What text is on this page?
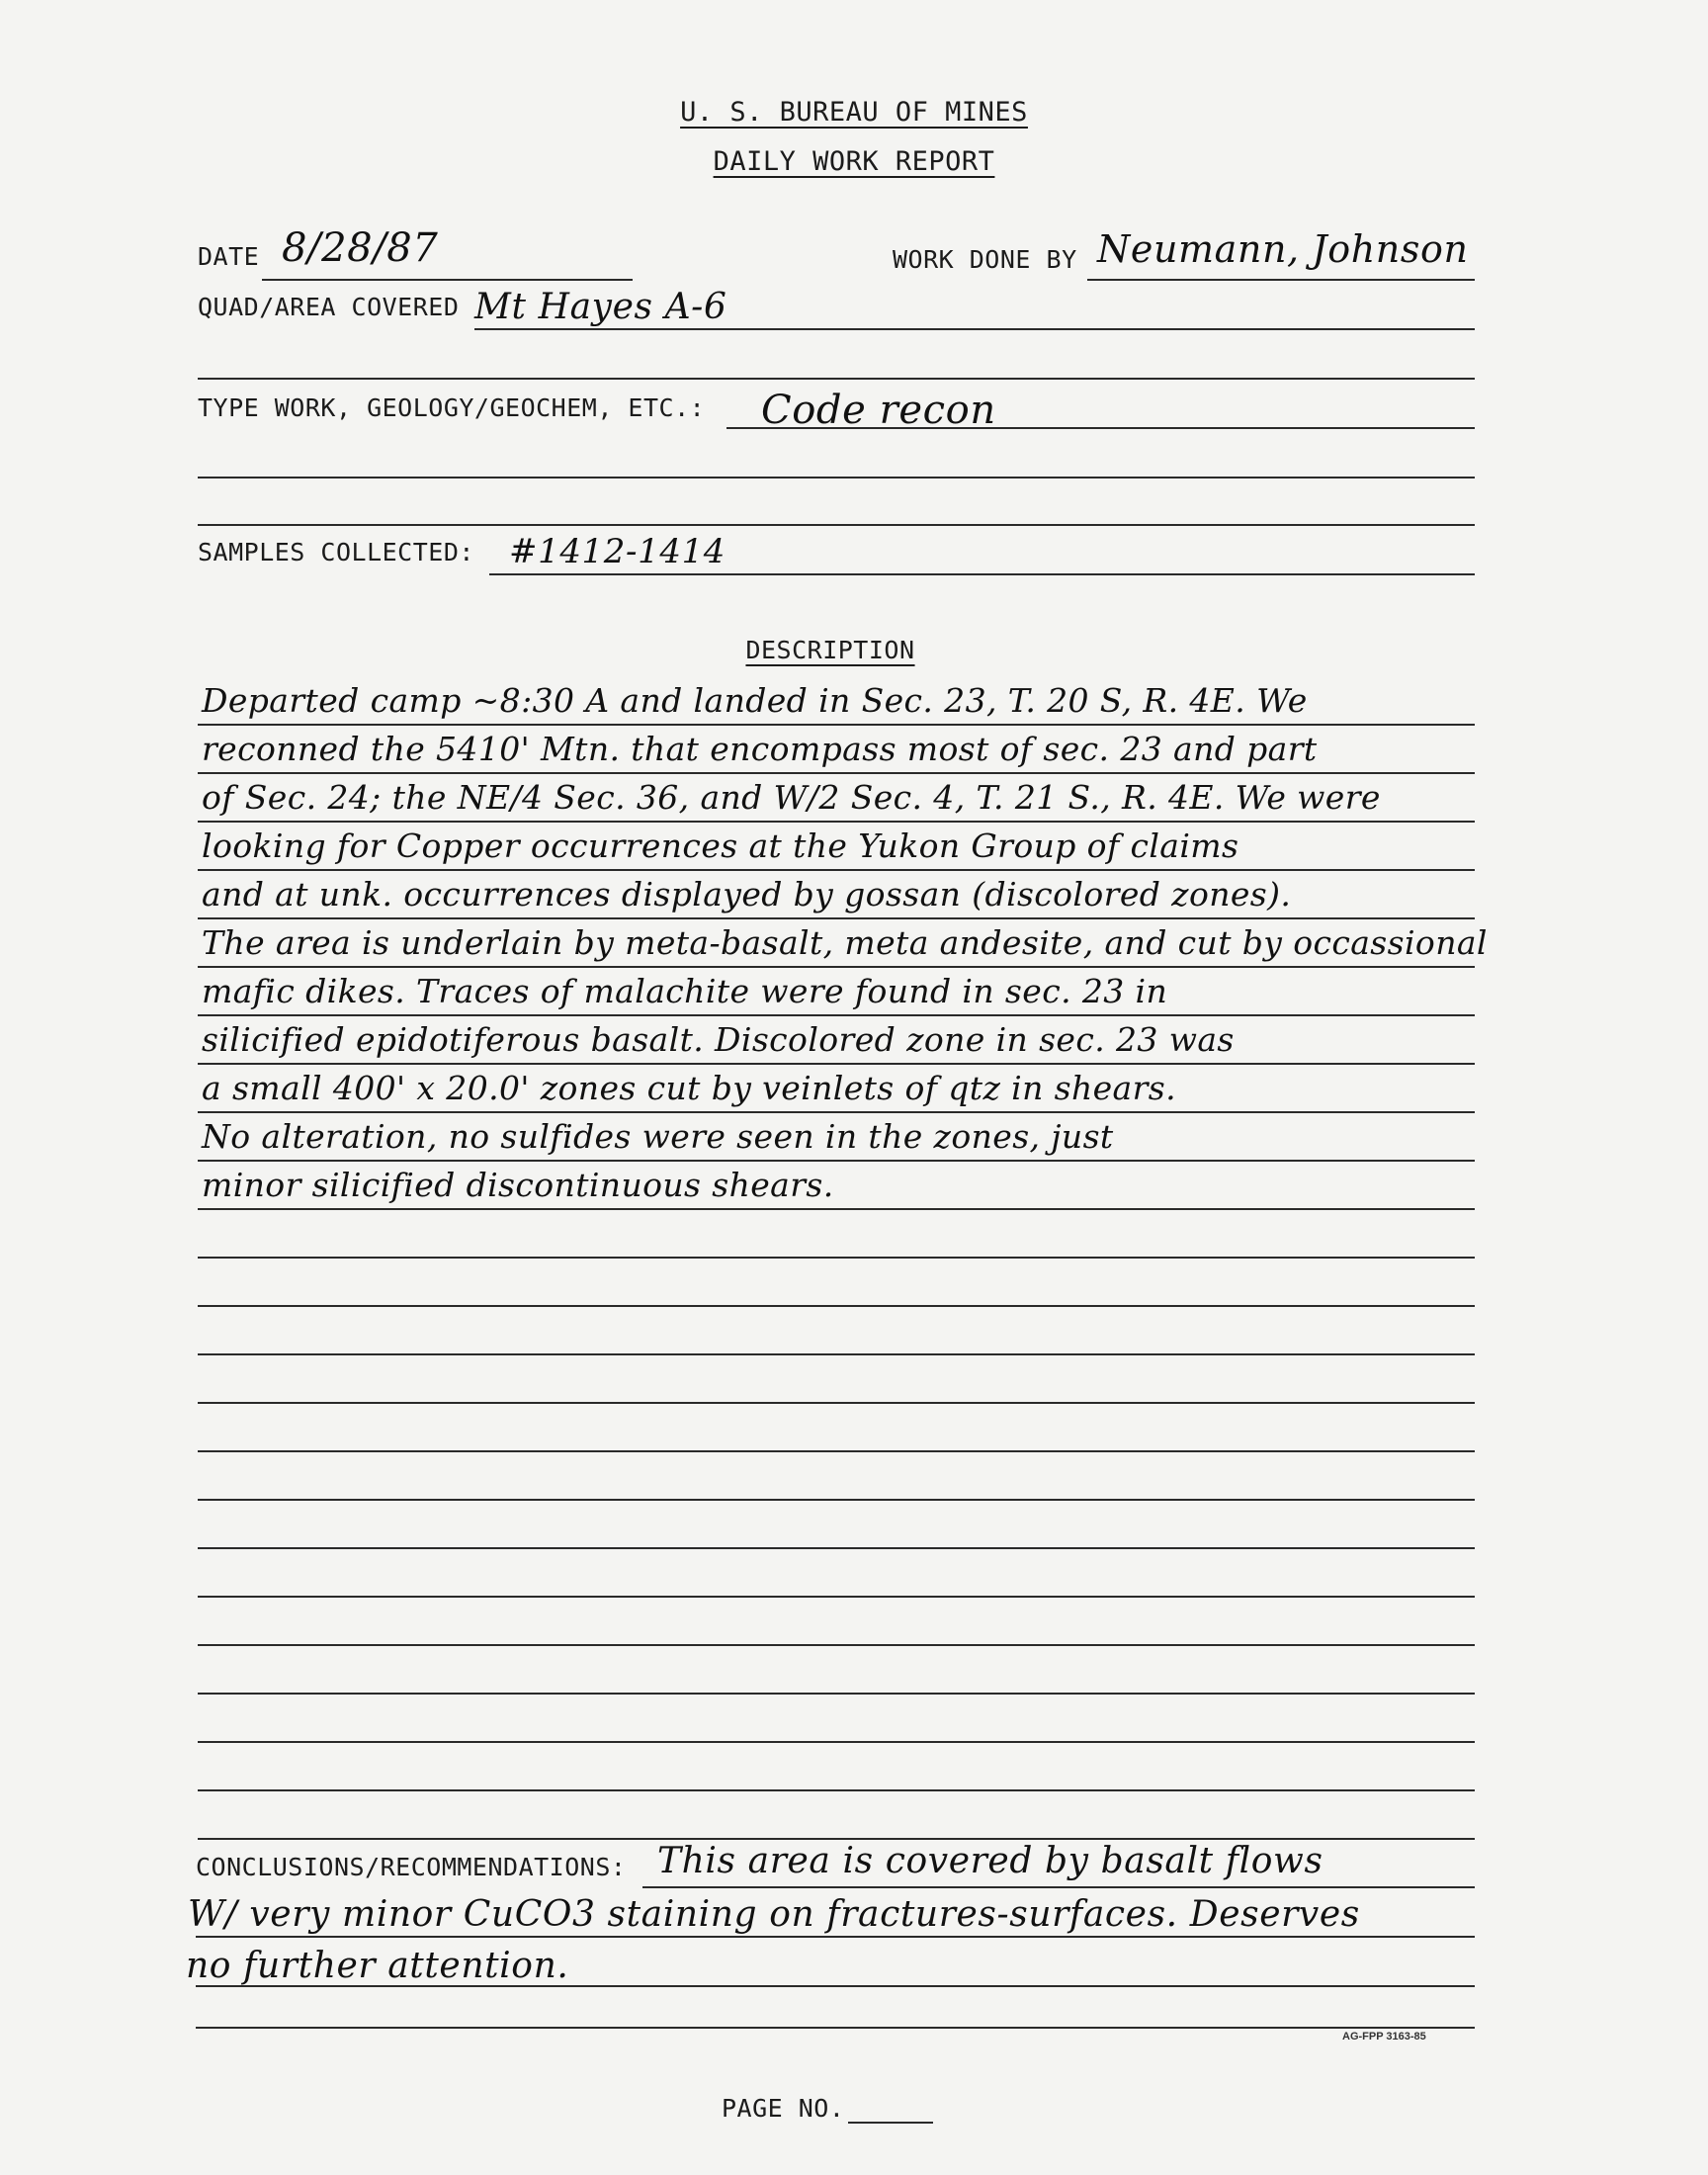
U. S. BUREAU OF MINES
DAILY WORK REPORT
DATE 8/28/87	WORK DONE BY Neumann, Johnson
QUAD/AREA COVERED Mt Hayes A-6
TYPE WORK, GEOLOGY/GEOCHEM, ETC.: Code recon
SAMPLES COLLECTED: #1412-1414
DESCRIPTION
Departed camp ~8:30 A and landed in Sec. 23, T. 20 S, R. 4E. We
reconned the 5410' Mtn. that encompass most of sec. 23 and part
of Sec. 24; the NE/4 Sec. 36, and W/2 Sec. 4, T. 21 S., R. 4E. We were
looking for Copper occurrences at the Yukon Group of claims
and at unk. occurrences displayed by gossan (discolored zones).
The area is underlain by meta-basalt, meta andesite, and cut by occassional
mafic dikes. Traces of malachite were found in sec. 23 in
silicified epidotiferous basalt. Discolored zone in sec. 23 was
a small 400' x 20.0' zones cut by veinlets of qtz in shears.
No alteration, no sulfides were seen in the zones, just
minor silicified discontinuous shears.
CONCLUSIONS/RECOMMENDATIONS: This area is covered by basalt flows
W/ very minor CuCO3 staining on fractures-surfaces. Deserves
no further attention.
AG-FPP 3163-85
PAGE NO.
